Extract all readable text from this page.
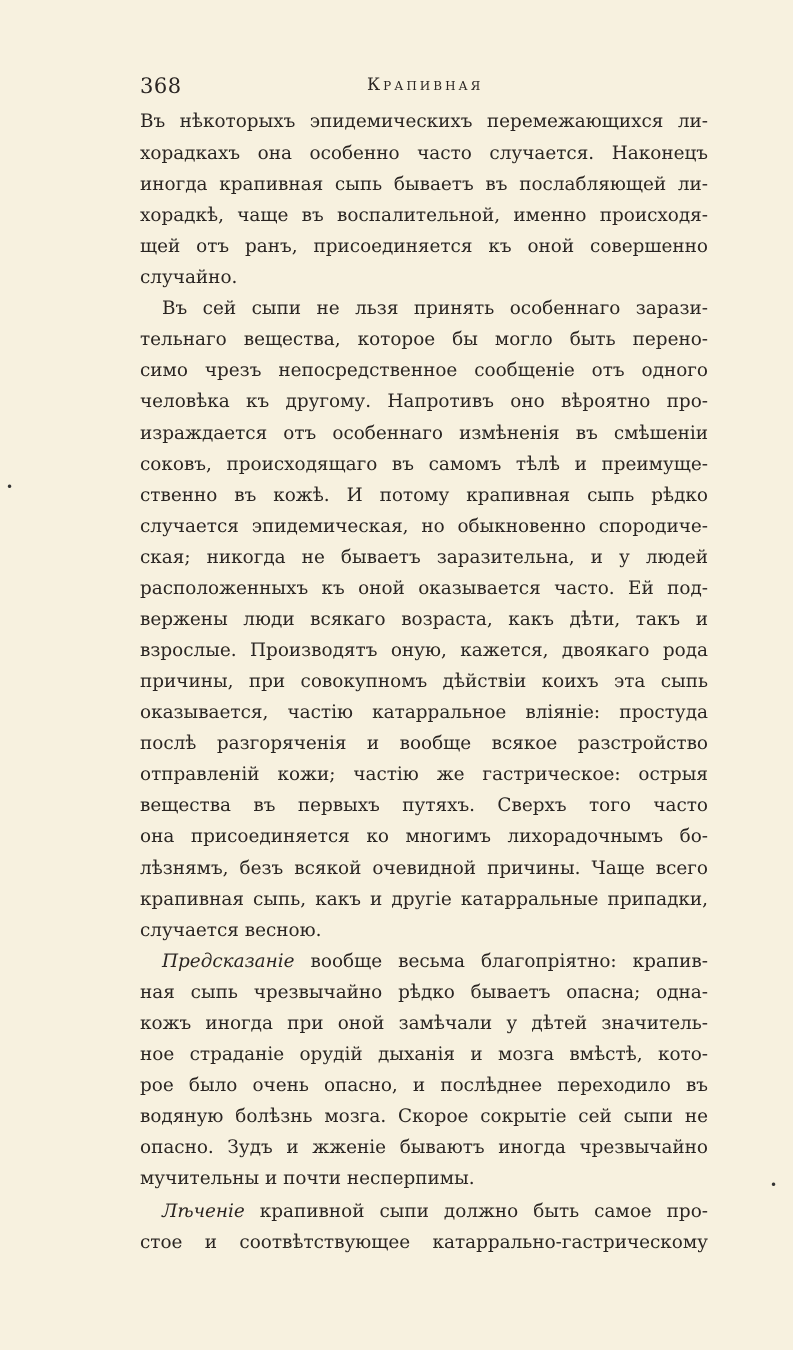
368	Крапивная
Въ нѣкоторыхъ эпидемическихъ перемежающихся ли-
хорадкахъ она особенно часто случается. Наконецъ
иногда крапивная сыпь бываетъ въ послабляющей ли-
хорадкѣ, чаще въ воспалительной, именно происходя-
щей отъ ранъ, присоединяется къ оной совершенно
случайно.
Въ сей сыпи не льзя принять особеннаго зарази-
тельнаго вещества, которое бы могло быть перено-
симо чрезъ непосредственное сообщеніе отъ одного
человѣка къ другому. Напротивъ оно вѣроятно про-
израждается отъ особеннаго измѣненія въ смѣшеніи
соковъ, происходящаго въ самомъ тѣлѣ и преимуще-
ственно въ кожѣ. И потому крапивная сыпь рѣдко
случается эпидемическая, но обыкновенно спородиче-
ская; никогда не бываетъ заразительна, и у людей
расположенныхъ къ оной оказывается часто. Ей под-
вержены люди всякаго возраста, какъ дѣти, такъ и
взрослые. Производятъ оную, кажется, двоякаго рода
причины, при совокупномъ дѣйствіи коихъ эта сыпь
оказывается, частію катарральное вліяніе: простуда
послѣ разгоряченія и вообще всякое разстройство
отправленій кожи; частію же гастрическое: острыя
вещества въ первыхъ путяхъ. Сверхъ того часто
она присоединяется ко многимъ лихорадочнымъ бо-
лѣзнямъ, безъ всякой очевидной причины. Чаще всего
крапивная сыпь, какъ и другіе катарральные припадки,
случается весною.
Предсказаніе вообще весьма благопріятно: крапив-
ная сыпь чрезвычайно рѣдко бываетъ опасна; одна-
кожъ иногда при оной замѣчали у дѣтей значитель-
ное страданіе орудій дыханія и мозга вмѣстѣ, кото-
рое было очень опасно, и послѣднее переходило въ
водяную болѣзнь мозга. Скорое сокрытіе сей сыпи не
опасно. Зудъ и жженіе бываютъ иногда чрезвычайно
мучительны и почти несперпимы.
Лѣченіе крапивной сыпи должно быть самое про-
стое и соотвѣтствующее катаррально-гастрическому
•
•
